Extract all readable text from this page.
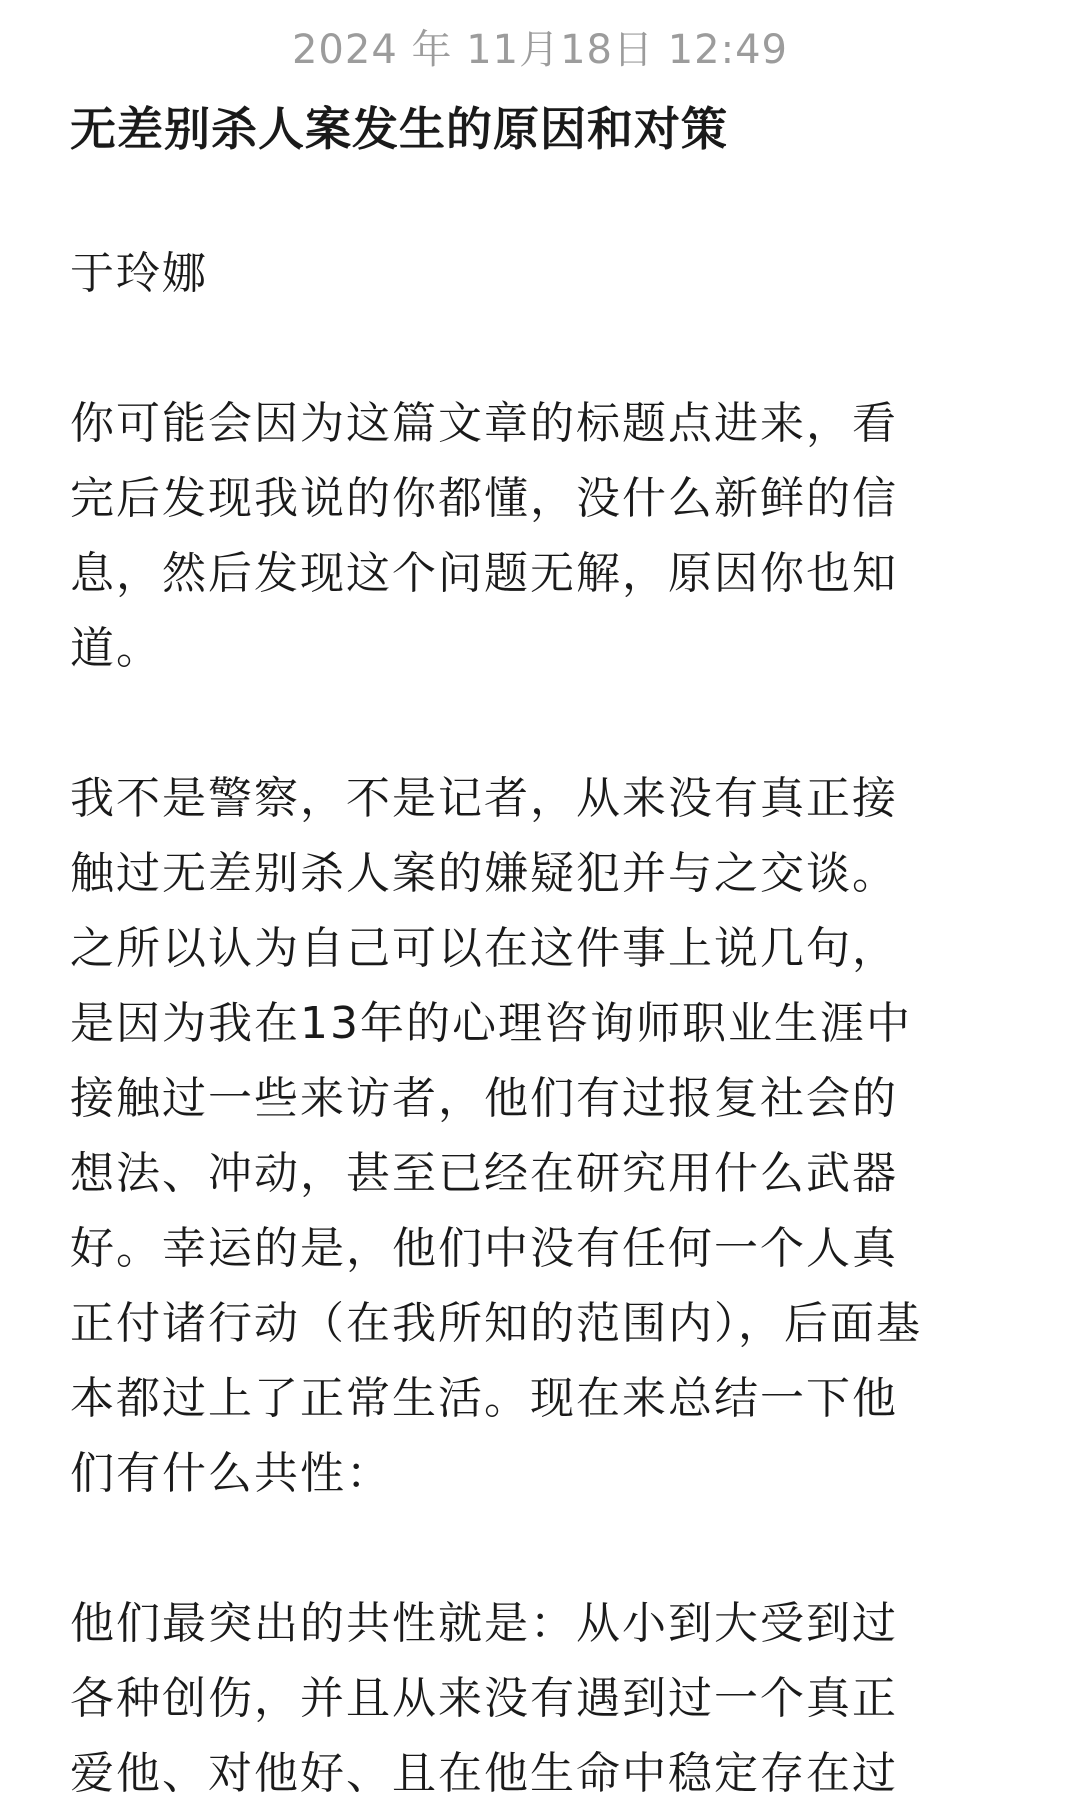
2024 年 11月18日 12:49
无差别杀人案发生的原因和对策

于玲娜

你可能会因为这篇文章的标题点进来，看
完后发现我说的你都懂，没什么新鲜的信
息，然后发现这个问题无解，原因你也知
道。

我不是警察，不是记者，从来没有真正接
触过无差别杀人案的嫌疑犯并与之交谈。
之所以认为自己可以在这件事上说几句，
是因为我在13年的心理咨询师职业生涯中
接触过一些来访者，他们有过报复社会的
想法、冲动，甚至已经在研究用什么武器
好。幸运的是，他们中没有任何一个人真
正付诸行动（在我所知的范围内），后面基
本都过上了正常生活。现在来总结一下他
们有什么共性：

他们最突出的共性就是：从小到大受到过
各种创伤，并且从来没有遇到过一个真正
爱他、对他好、且在他生命中稳定存在过
